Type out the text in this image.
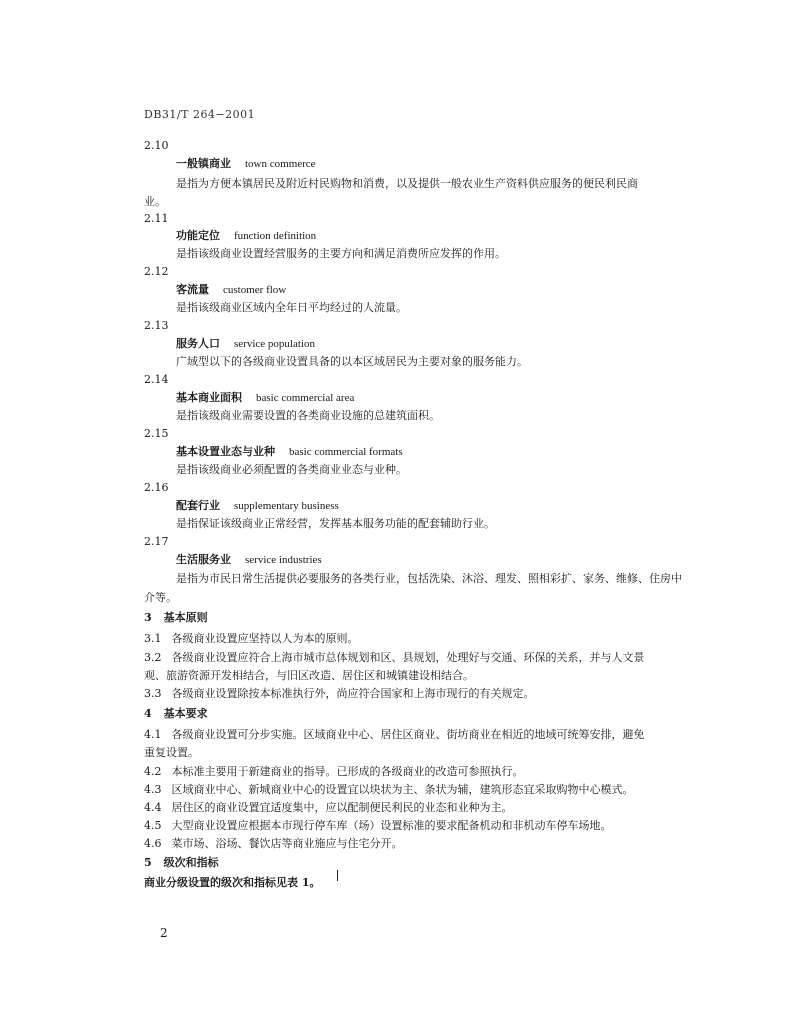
DB31/T 264−2001
2.10
一般镇商业 town commerce
是指为方便本镇居民及附近村民购物和消费，以及提供一般农业生产资料供应服务的便民利民商
业。
2.11
功能定位 function definition
是指该级商业设置经营服务的主要方向和满足消费所应发挥的作用。
2.12
客流量 customer flow
是指该级商业区域内全年日平均经过的人流量。
2.13
服务人口 service population
广域型以下的各级商业设置具备的以本区域居民为主要对象的服务能力。
2.14
基本商业面积 basic commercial area
是指该级商业需要设置的各类商业设施的总建筑面积。
2.15
基本设置业态与业种 basic commercial formats
是指该级商业必须配置的各类商业业态与业种。
2.16
配套行业 supplementary business
是指保证该级商业正常经营，发挥基本服务功能的配套辅助行业。
2.17
生活服务业 service industries
是指为市民日常生活提供必要服务的各类行业，包括洗染、沐浴、理发、照相彩扩、家务、维修、住房中
介等。
3 基本原则
3.1 各级商业设置应坚持以人为本的原则。
3.2 各级商业设置应符合上海市城市总体规划和区、县规划，处理好与交通、环保的关系，并与人文景
观、旅游资源开发相结合，与旧区改造、居住区和城镇建设相结合。
3.3 各级商业设置除按本标准执行外，尚应符合国家和上海市现行的有关规定。
4 基本要求
4.1 各级商业设置可分步实施。区域商业中心、居住区商业、街坊商业在相近的地域可统筹安排，避免
重复设置。
4.2 本标准主要用于新建商业的指导。已形成的各级商业的改造可参照执行。
4.3 区域商业中心、新城商业中心的设置宜以块状为主、条状为辅，建筑形态宜采取购物中心模式。
4.4 居住区的商业设置宜适度集中，应以配制便民利民的业态和业种为主。
4.5 大型商业设置应根据本市现行停车库（场）设置标准的要求配备机动和非机动车停车场地。
4.6 菜市场、浴场、餐饮店等商业施应与住宅分开。
5 级次和指标
商业分级设置的级次和指标见表 1。
2
